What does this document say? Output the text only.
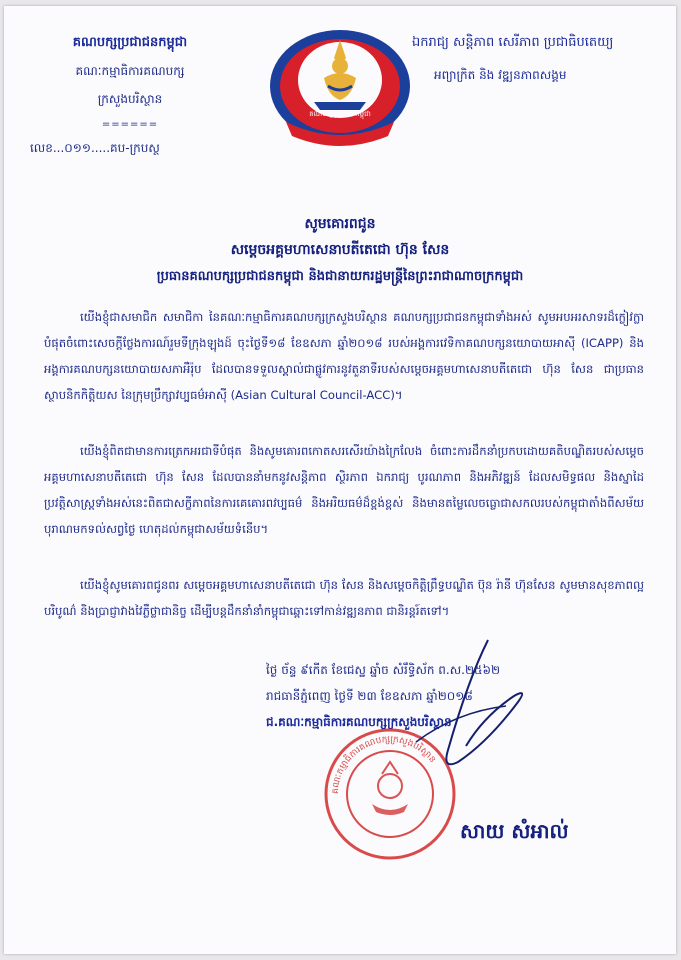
គណបក្សប្រជាជនកម្ពុជា
គណៈកម្មាធិការគណបក្ស
ក្រសួងបរិស្ថាន
======
លេខ...០១១.....គប-ក្របស្ថ
គណបក្សប្រជាជនកម្ពុជា
ឯករាជ្យ សន្តិភាព សេរីភាព ប្រជាធិបតេយ្យ
អព្យាក្រិត និង វឌ្ឍនភាពសង្គម
សូមគោរពជូន
សម្តេចអគ្គមហាសេនាបតីតេជោ ហ៊ុន សែន
ប្រធានគណបក្សប្រជាជនកម្ពុជា និងជានាយករដ្ឋមន្ត្រីនៃព្រះរាជាណាចក្រកម្ពុជា

យើងខ្ញុំជាសមាជិក សមាជិកា នៃគណៈកម្មាធិការគណបក្សក្រសួងបរិស្ថាន គណបក្សប្រជាជនកម្ពុជាទាំងអស់ សូមអបអរសាទរដ៏ក្លៀវក្លាបំផុតចំពោះសេចក្តីថ្លែងការណ៍រួមទីក្រុងឡុងដ៍ ចុះថ្ងៃទី១៨ ខែឧសភា ឆ្នាំ២០១៨ របស់អង្គការវេទិកាគណបក្សនយោបាយអាស៊ី (ICAPP) និងអង្គការគណបក្សនយោបាយសភាអឺរ៉ុប ដែលបានទទួលស្គាល់ជាផ្លូវការនូវតួនាទីរបស់សម្តេចអគ្គមហាសេនាបតីតេជោ ហ៊ុន សែន ជាប្រធានស្ថាបនិកកិត្តិយស នៃក្រុមប្រឹក្សាវប្បធម៌អាស៊ី (Asian Cultural Council-ACC)។

យើងខ្ញុំពិតជាមានការត្រេកអរជាទីបំផុត និងសូមគោរពកោតសរសើរយ៉ាងក្រៃលែង ចំពោះការដឹកនាំប្រកបដោយគតិបណ្ឌិតរបស់សម្តេចអគ្គមហាសេនាបតីតេជោ ហ៊ុន សែន ដែលបាននាំមកនូវសន្តិភាព ស្ថិរភាព ឯករាជ្យ បូរណភាព និងអភិវឌ្ឍន៍ ដែលសមិទ្ធផល និងស្នាដៃប្រវត្តិសាស្ត្រទាំងអស់នេះពិតជាសក្ខីភាពនៃការគេគោរពវប្បធម៌ និងអរិយធម៌ដ៏ខ្ពង់ខ្ពស់ និងមានតម្លៃលេចធ្លោជាសកលរបស់កម្ពុជាតាំងពីសម័យបុរាណមកទល់សព្វថ្ងៃ ហេតុដល់កម្ពុជាសម័យទំនើប។

យើងខ្ញុំសូមគោរពជូនពរ សម្តេចអគ្គមហាសេនាបតីតេជោ ហ៊ុន សែន និងសម្តេចកិត្តិព្រឹទ្ធបណ្ឌិត ប៊ុន រ៉ានី ហ៊ុនសែន សូមមានសុខភាពល្អបរិបូណ៌ និងប្រាជ្ញាវាងវៃភ្លឺថ្លាជានិច្ច ដើម្បីបន្តដឹកនាំនាំកម្ពុជាឆ្ពោះទៅកាន់វឌ្ឍនភាព ជានិរន្តរ៍តទៅ។

ថ្ងៃ ច័ន្ទ ៩កើត ខែជេស្ឋ ឆ្នាំច សំរឹទ្ធិស័ក ព.ស.២៥៦២
រាជធានីភ្នំពេញ ថ្ងៃទី ២៣ ខែឧសភា ឆ្នាំ២០១៨
ជ.គណៈកម្មាធិការគណបក្សក្រសួងបរិស្ថាន
គណៈកម្មាធិការគណបក្សក្រសួងបរិស្ថាន
សាយ សំអាល់
